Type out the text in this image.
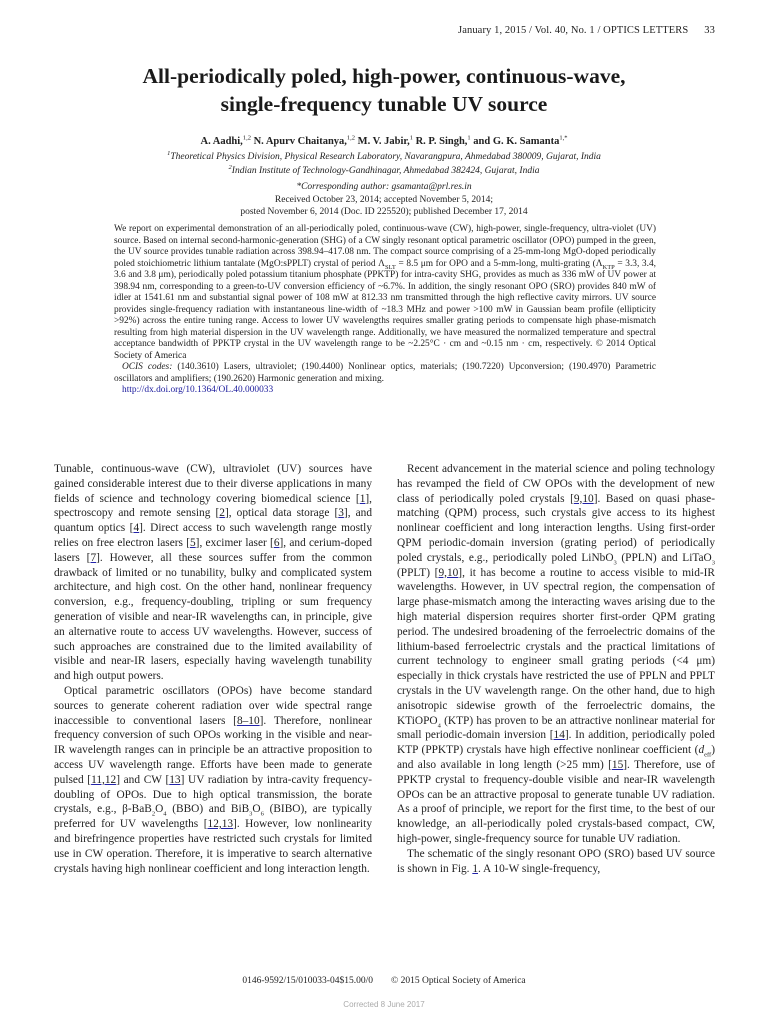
January 1, 2015 / Vol. 40, No. 1 / OPTICS LETTERS 33
All-periodically poled, high-power, continuous-wave,
single-frequency tunable UV source
A. Aadhi,$^{1,2}$ N. Apurv Chaitanya,$^{1,2}$ M. V. Jabir,$^1$ R. P. Singh,$^1$ and G. K. Samanta$^{1,*}$
$^1$Theoretical Physics Division, Physical Research Laboratory, Navarangpura, Ahmedabad 380009, Gujarat, India
$^2$Indian Institute of Technology-Gandhinagar, Ahmedabad 382424, Gujarat, India
*Corresponding author: gsamanta@prl.res.in
Received October 23, 2014; accepted November 5, 2014;
posted November 6, 2014 (Doc. ID 225520); published December 17, 2014

We report on experimental demonstration of an all-periodically poled, continuous-wave (CW), high-power, single-frequency, ultra-violet (UV) source. Based on internal second-harmonic-generation (SHG) of a CW singly resonant optical parametric oscillator (OPO) pumped in the green, the UV source provides tunable radiation across 398.94–417.08 nm. The compact source comprising of a 25-mm-long MgO-doped periodically poled stoichiometric lithium tantalate (MgO:sPPLT) crystal of period $\Lambda_{SLT} = 8.5$ μm for OPO and a 5-mm-long, multi-grating ($\Lambda_{KTP} = 3.3$, 3.4, 3.6 and 3.8 μm), periodically poled potassium titanium phosphate (PPKTP) for intra-cavity SHG, provides as much as 336 mW of UV power at 398.94 nm, corresponding to a green-to-UV conversion efficiency of ~6.7%. In addition, the singly resonant OPO (SRO) provides 840 mW of idler at 1541.61 nm and substantial signal power of 108 mW at 812.33 nm transmitted through the high reflective cavity mirrors. UV source provides single-frequency radiation with instantaneous line-width of ~18.3 MHz and power >100 mW in Gaussian beam profile (ellipticity >92%) across the entire tuning range. Access to lower UV wavelengths requires smaller grating periods to compensate high phase-mismatch resulting from high material dispersion in the UV wavelength range. Additionally, we have measured the normalized temperature and spectral acceptance bandwidth of PPKTP crystal in the UV wavelength range to be ~2.25°C · cm and ~0.15 nm · cm, respectively. © 2014 Optical Society of America

OCIS codes: (140.3610) Lasers, ultraviolet; (190.4400) Nonlinear optics, materials; (190.7220) Upconversion; (190.4970) Parametric oscillators and amplifiers; (190.2620) Harmonic generation and mixing.

http://dx.doi.org/10.1364/OL.40.000033

Tunable, continuous-wave (CW), ultraviolet (UV) sources have gained considerable interest due to their diverse applications in many fields of science and technology covering biomedical science [1], spectroscopy and remote sensing [2], optical data storage [3], and quantum optics [4]. Direct access to such wavelength range mostly relies on free electron lasers [5], excimer laser [6], and cerium-doped lasers [7]. However, all these sources suffer from the common drawback of limited or no tunability, bulky and complicated system architecture, and high cost. On the other hand, nonlinear frequency conversion, e.g., frequency-doubling, tripling or sum frequency generation of visible and near-IR wavelengths can, in principle, give an alternative route to access UV wavelengths. However, success of such approaches are constrained due to the limited availability of visible and near-IR lasers, especially having wavelength tunability and high output powers.

Optical parametric oscillators (OPOs) have become standard sources to generate coherent radiation over wide spectral range inaccessible to conventional lasers [8–10]. Therefore, nonlinear frequency conversion of such OPOs working in the visible and near-IR wavelength ranges can in principle be an attractive proposition to access UV wavelength range. Efforts have been made to generate pulsed [11,12] and CW [13] UV radiation by intra-cavity frequency-doubling of OPOs. Due to high optical transmission, the borate crystals, e.g., $\beta-BaB_2O_4$ (BBO) and $BiB_3O_6$ (BIBO), are typically preferred for UV wavelengths [12,13]. However, low nonlinearity and birefringence properties have restricted such crystals for limited use in CW operation. Therefore, it is imperative to search alternative crystals having high nonlinear coefficient and long interaction length.

Recent advancement in the material science and poling technology has revamped the field of CW OPOs with the development of new class of periodically poled crystals [9,10]. Based on quasi phase-matching (QPM) process, such crystals give access to its highest nonlinear coefficient and long interaction lengths. Using first-order QPM periodic-domain inversion (grating period) of periodically poled crystals, e.g., periodically poled LiNbO$_3$ (PPLN) and LiTaO$_3$ (PPLT) [9,10], it has become a routine to access visible to mid-IR wavelengths. However, in UV spectral region, the compensation of large phase-mismatch among the interacting waves arising due to the high material dispersion requires shorter first-order QPM grating period. The undesired broadening of the ferroelectric domains of the lithium-based ferroelectric crystals and the practical limitations of current technology to engineer small grating periods (<4 μm) especially in thick crystals have restricted the use of PPLN and PPLT crystals in the UV wavelength range. On the other hand, due to high anisotropic sidewise growth of the ferroelectric domains, the KTiOPO$_4$ (KTP) has proven to be an attractive nonlinear material for small periodic-domain inversion [14]. In addition, periodically poled KTP (PPKTP) crystals have high effective nonlinear coefficient $(d_{eff})$ and also available in long length (>25 mm) [15]. Therefore, use of PPKTP crystal to frequency-double visible and near-IR wavelength OPOs can be an attractive proposal to generate tunable UV radiation. As a proof of principle, we report for the first time, to the best of our knowledge, an all-periodically poled crystals-based compact, CW, high-power, single-frequency source for tunable UV radiation.

The schematic of the singly resonant OPO (SRO) based UV source is shown in Fig. 1. A 10-W single-frequency,

0146-9592/15/010033-04$15.00/0 © 2015 Optical Society of America
Corrected 8 June 2017
